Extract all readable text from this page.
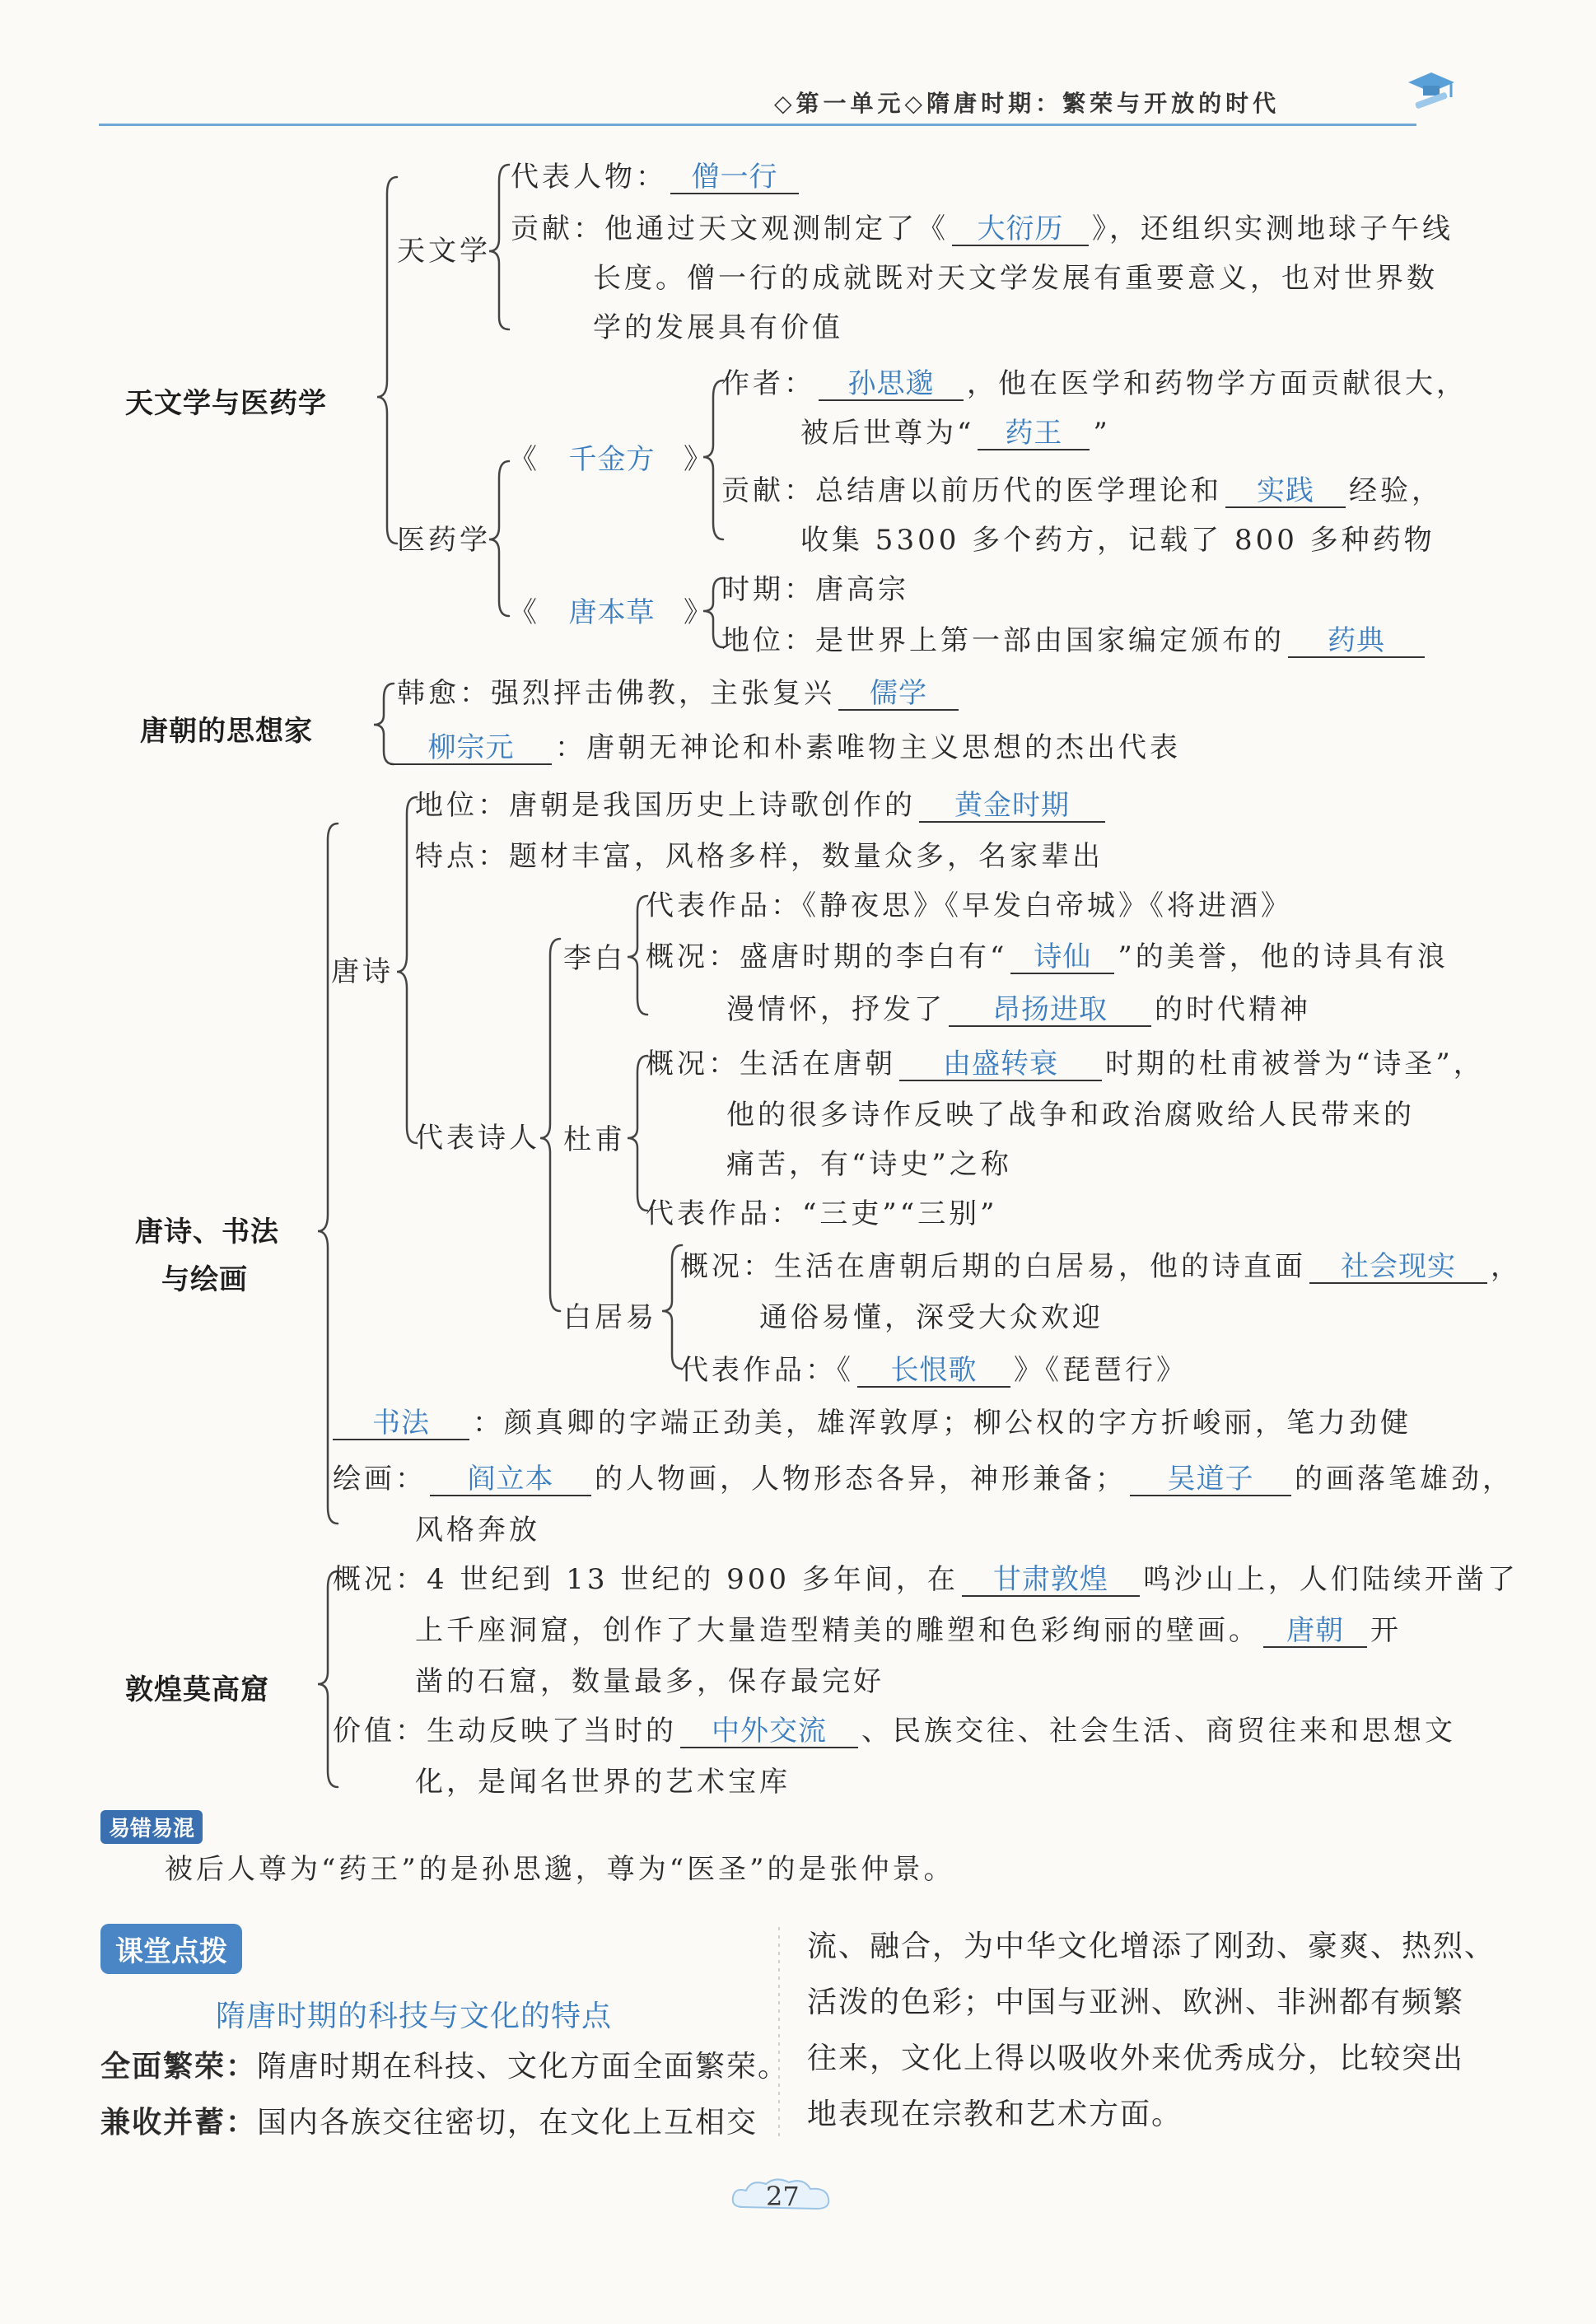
◇第一单元◇隋唐时期：繁荣与开放的时代
天文学与医药学
天文学
代表人物： 僧一行
贡献：他通过天文观测制定了《 大衍历 》，还组织实测地球子午线
长度。僧一行的成就既对天文学发展有重要意义，也对世界数
学的发展具有价值
医药学
《 千金方 》
作者： 孙思邈 ，他在医学和药物学方面贡献很大，
被后世尊为“ 药王 ”
贡献：总结唐以前历代的医学理论和 实践 经验，
收集 5300 多个药方，记载了 800 多种药物
《 唐本草 》
时期：唐高宗
地位：是世界上第一部由国家编定颁布的 药典
唐朝的思想家
韩愈：强烈抨击佛教，主张复兴 儒学
柳宗元 ：唐朝无神论和朴素唯物主义思想的杰出代表
唐诗、书法
与绘画
唐诗
地位：唐朝是我国历史上诗歌创作的 黄金时期
特点：题材丰富，风格多样，数量众多，名家辈出
代表诗人
李白
代表作品：《静夜思》《早发白帝城》《将进酒》
概况：盛唐时期的李白有“ 诗仙 ”的美誉，他的诗具有浪
漫情怀，抒发了 昂扬进取 的时代精神
杜甫
概况：生活在唐朝 由盛转衰 时期的杜甫被誉为“诗圣”，
他的很多诗作反映了战争和政治腐败给人民带来的
痛苦，有“诗史”之称
代表作品：“三吏”“三别”
白居易
概况：生活在唐朝后期的白居易，他的诗直面 社会现实 ，
通俗易懂，深受大众欢迎
代表作品：《 长恨歌 》《琵琶行》
书法 ：颜真卿的字端正劲美，雄浑敦厚；柳公权的字方折峻丽，笔力劲健
绘画： 阎立本 的人物画，人物形态各异，神形兼备； 吴道子 的画落笔雄劲，
风格奔放
敦煌莫高窟
概况：4 世纪到 13 世纪的 900 多年间，在 甘肃敦煌 鸣沙山上，人们陆续开凿了
上千座洞窟，创作了大量造型精美的雕塑和色彩绚丽的壁画。 唐朝 开
凿的石窟，数量最多，保存最完好
价值：生动反映了当时的 中外交流 、民族交往、社会生活、商贸往来和思想文
化，是闻名世界的艺术宝库
易错易混
被后人尊为“药王”的是孙思邈，尊为“医圣”的是张仲景。
课堂点拨
隋唐时期的科技与文化的特点
全面繁荣：隋唐时期在科技、文化方面全面繁荣。
兼收并蓄：国内各族交往密切，在文化上互相交
流、融合，为中华文化增添了刚劲、豪爽、热烈、
活泼的色彩；中国与亚洲、欧洲、非洲都有频繁
往来，文化上得以吸收外来优秀成分，比较突出
地表现在宗教和艺术方面。
27
